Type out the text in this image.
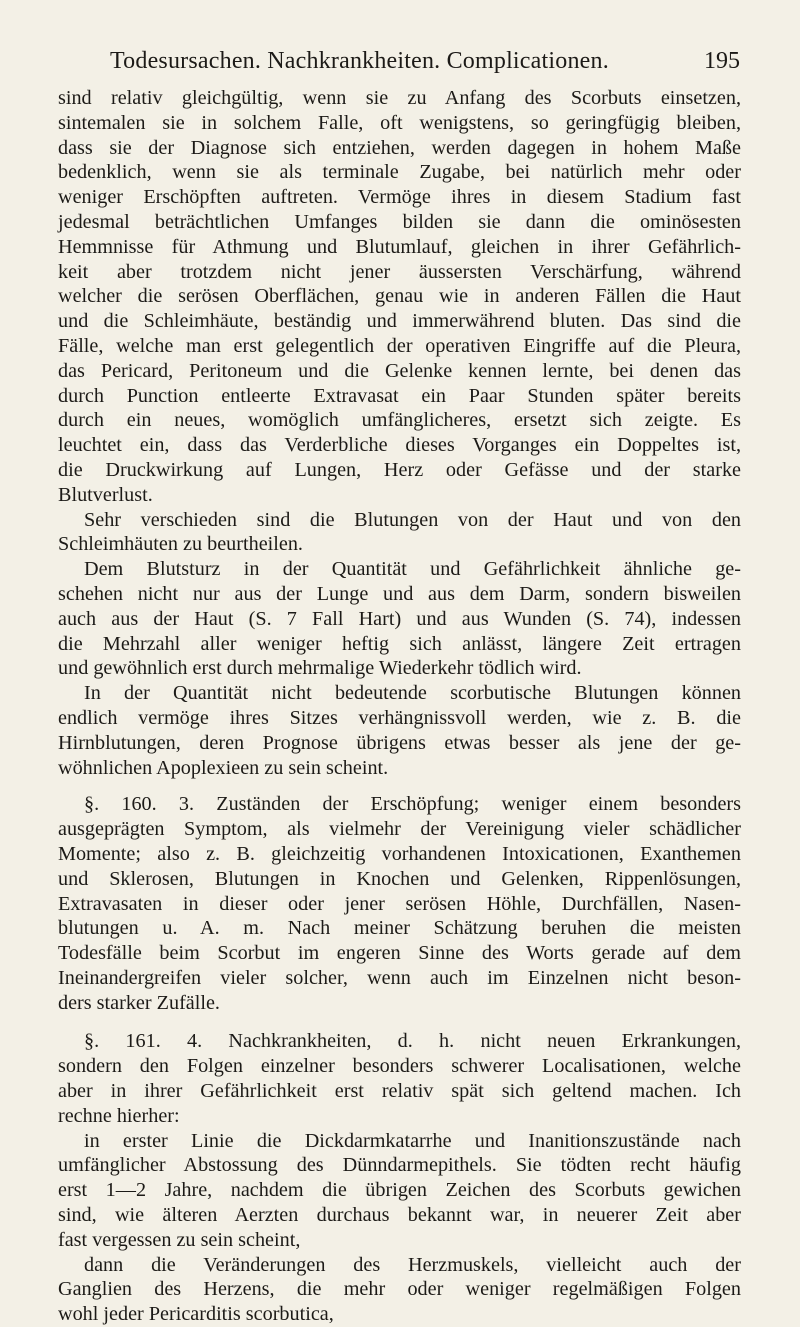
Todesursachen. Nachkrankheiten. Complicationen.	195
sind relativ gleichgültig, wenn sie zu Anfang des Scorbuts einsetzen,
sintemalen sie in solchem Falle, oft wenigstens, so geringfügig bleiben,
dass sie der Diagnose sich entziehen, werden dagegen in hohem Maße
bedenklich, wenn sie als terminale Zugabe, bei natürlich mehr oder
weniger Erschöpften auftreten. Vermöge ihres in diesem Stadium fast
jedesmal beträchtlichen Umfanges bilden sie dann die ominösesten
Hemmnisse für Athmung und Blutumlauf, gleichen in ihrer Gefährlich-
keit aber trotzdem nicht jener äussersten Verschärfung, während
welcher die serösen Oberflächen, genau wie in anderen Fällen die Haut
und die Schleimhäute, beständig und immerwährend bluten. Das sind die
Fälle, welche man erst gelegentlich der operativen Eingriffe auf die Pleura,
das Pericard, Peritoneum und die Gelenke kennen lernte, bei denen das
durch Punction entleerte Extravasat ein Paar Stunden später bereits
durch ein neues, womöglich umfänglicheres, ersetzt sich zeigte. Es
leuchtet ein, dass das Verderbliche dieses Vorganges ein Doppeltes ist,
die Druckwirkung auf Lungen, Herz oder Gefässe und der starke
Blutverlust.
Sehr verschieden sind die Blutungen von der Haut und von den
Schleimhäuten zu beurtheilen.
Dem Blutsturz in der Quantität und Gefährlichkeit ähnliche ge-
schehen nicht nur aus der Lunge und aus dem Darm, sondern bisweilen
auch aus der Haut (S. 7 Fall Hart) und aus Wunden (S. 74), indessen
die Mehrzahl aller weniger heftig sich anlässt, längere Zeit ertragen
und gewöhnlich erst durch mehrmalige Wiederkehr tödlich wird.
In der Quantität nicht bedeutende scorbutische Blutungen können
endlich vermöge ihres Sitzes verhängnissvoll werden, wie z. B. die
Hirnblutungen, deren Prognose übrigens etwas besser als jene der ge-
wöhnlichen Apoplexieen zu sein scheint.
§. 160. 3. Zuständen der Erschöpfung; weniger einem besonders
ausgeprägten Symptom, als vielmehr der Vereinigung vieler schädlicher
Momente; also z. B. gleichzeitig vorhandenen Intoxicationen, Exanthemen
und Sklerosen, Blutungen in Knochen und Gelenken, Rippenlösungen,
Extravasaten in dieser oder jener serösen Höhle, Durchfällen, Nasen-
blutungen u. A. m. Nach meiner Schätzung beruhen die meisten
Todesfälle beim Scorbut im engeren Sinne des Worts gerade auf dem
Ineinandergreifen vieler solcher, wenn auch im Einzelnen nicht beson-
ders starker Zufälle.
§. 161. 4. Nachkrankheiten, d. h. nicht neuen Erkrankungen,
sondern den Folgen einzelner besonders schwerer Localisationen, welche
aber in ihrer Gefährlichkeit erst relativ spät sich geltend machen. Ich
rechne hierher:
in erster Linie die Dickdarmkatarrhe und Inanitionszustände nach
umfänglicher Abstossung des Dünndarmepithels. Sie tödten recht häufig
erst 1—2 Jahre, nachdem die übrigen Zeichen des Scorbuts gewichen
sind, wie älteren Aerzten durchaus bekannt war, in neuerer Zeit aber
fast vergessen zu sein scheint,
dann die Veränderungen des Herzmuskels, vielleicht auch der
Ganglien des Herzens, die mehr oder weniger regelmäßigen Folgen
wohl jeder Pericarditis scorbutica,
